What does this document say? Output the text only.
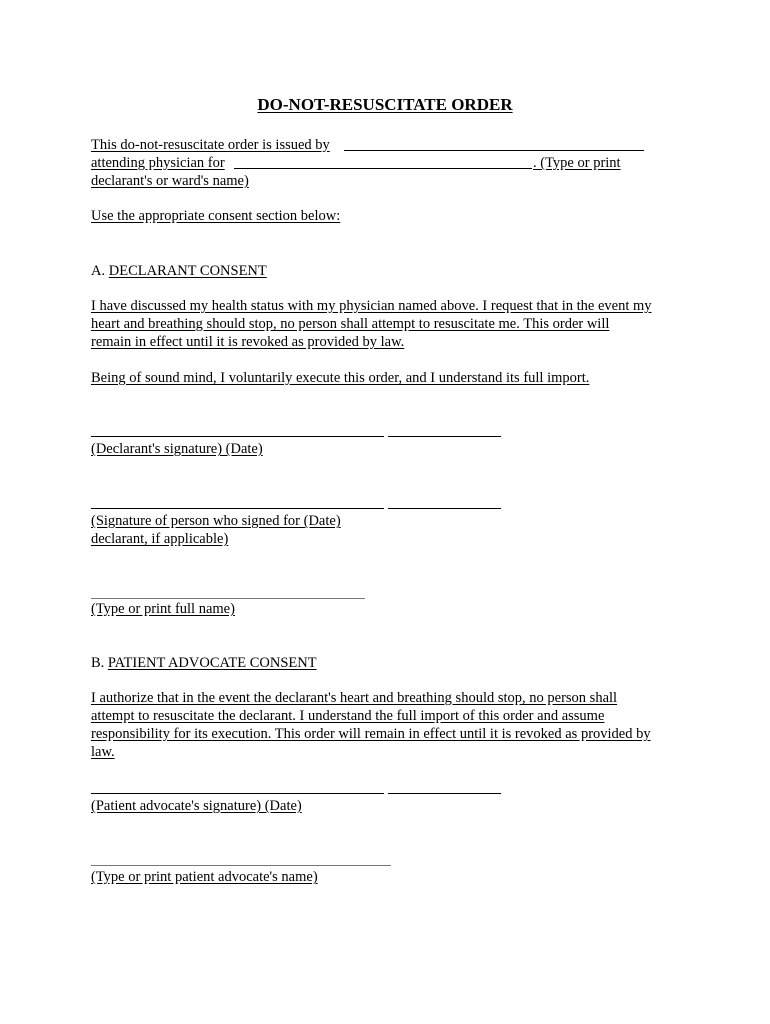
DO-NOT-RESUSCITATE ORDER
This do-not-resuscitate order is issued by
attending physician for	. (Type or print
declarant's or ward's name)
Use the appropriate consent section below:
A. DECLARANT CONSENT
I have discussed my health status with my physician named above. I request that in the event my
heart and breathing should stop, no person shall attempt to resuscitate me. This order will
remain in effect until it is revoked as provided by law.
Being of sound mind, I voluntarily execute this order, and I understand its full import.
(Declarant's signature) (Date)
(Signature of person who signed for (Date)
declarant, if applicable)
(Type or print full name)
B. PATIENT ADVOCATE CONSENT
I authorize that in the event the declarant's heart and breathing should stop, no person shall
attempt to resuscitate the declarant. I understand the full import of this order and assume
responsibility for its execution. This order will remain in effect until it is revoked as provided by
law.
(Patient advocate's signature) (Date)
(Type or print patient advocate's name)
